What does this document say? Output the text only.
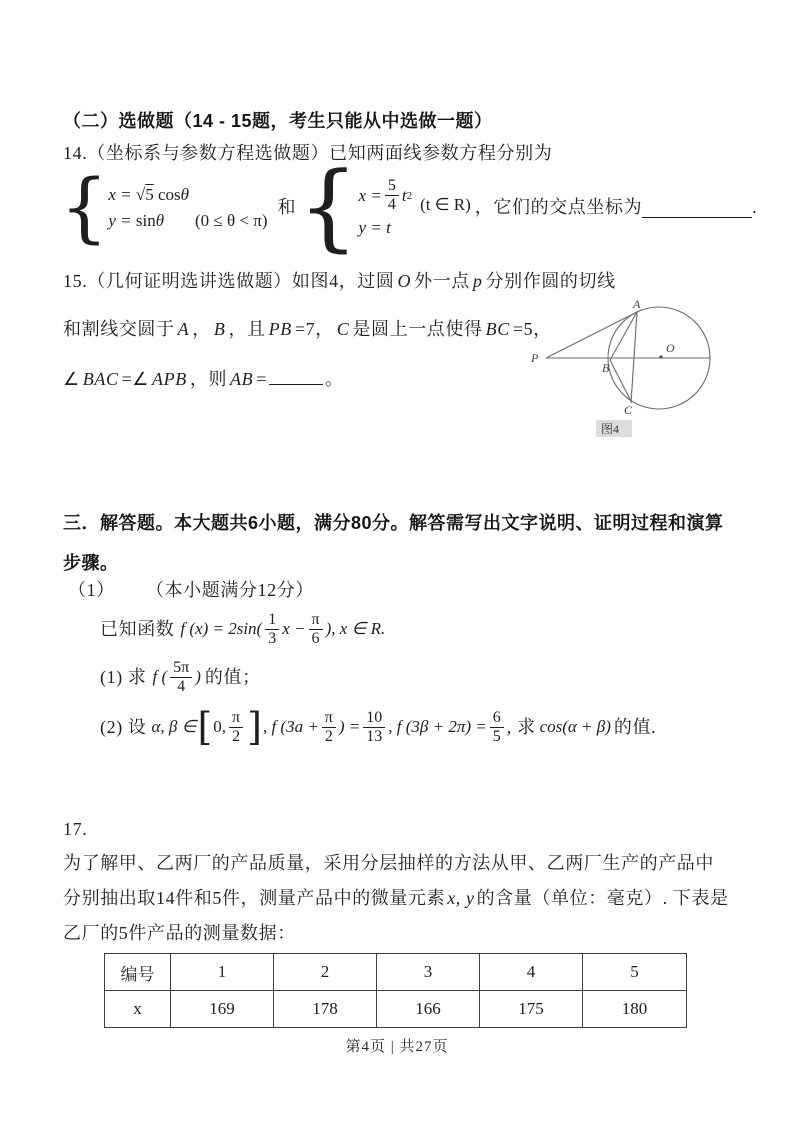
（二）选做题（14 - 15题，考生只能从中选做一题）
14.（坐标系与参数方程选做题）已知两面线参数方程分别为
{ x = √5 cosθ
y = sinθ	(0 ≤ θ < π)
和 { $x = \frac{5}{4}$ t 2
y = t
(t ∈ R) ，它们的交点坐标为	.
15.（几何证明选讲选做题）如图4，过圆 O 外一点 p 分别作圆的切线
和割线交圆于 A ， B ，且 PB =7， C 是圆上一点使得 BC =5，
∠ BAC =∠ APB ，则 AB =	。
P
A
B
C
O
图4
三．解答题。本大题共6小题，满分80分。解答需写出文字说明、证明过程和演算
步骤。
（1） （本小题满分12分）
已知函数 f $(x) = 2\sin( \frac{1}{3}$ $x - \frac{\pi}{6}$ ), x ∈ R.
(1) 求 f ( $\frac{5\pi}{4}$ ) 的值；
(2) 设 α, β ∈ [ 0, $\frac{\pi}{2}$ ] , f ($3a + \frac{\pi}{2}$ ) = $\frac{10}{13}$ , f $(3\beta + 2\pi) = \frac{6}{5}$ , 求 cos(α + β) 的值.
17.
为了解甲、乙两厂的产品质量，采用分层抽样的方法从甲、乙两厂生产的产品中
分别抽出取14件和5件，测量产品中的微量元素 x, y 的含量（单位：毫克）. 下表是
乙厂的5件产品的测量数据：
编号	1	2	3	4	5
x	169	178	166	175	180
第4页 | 共27页
